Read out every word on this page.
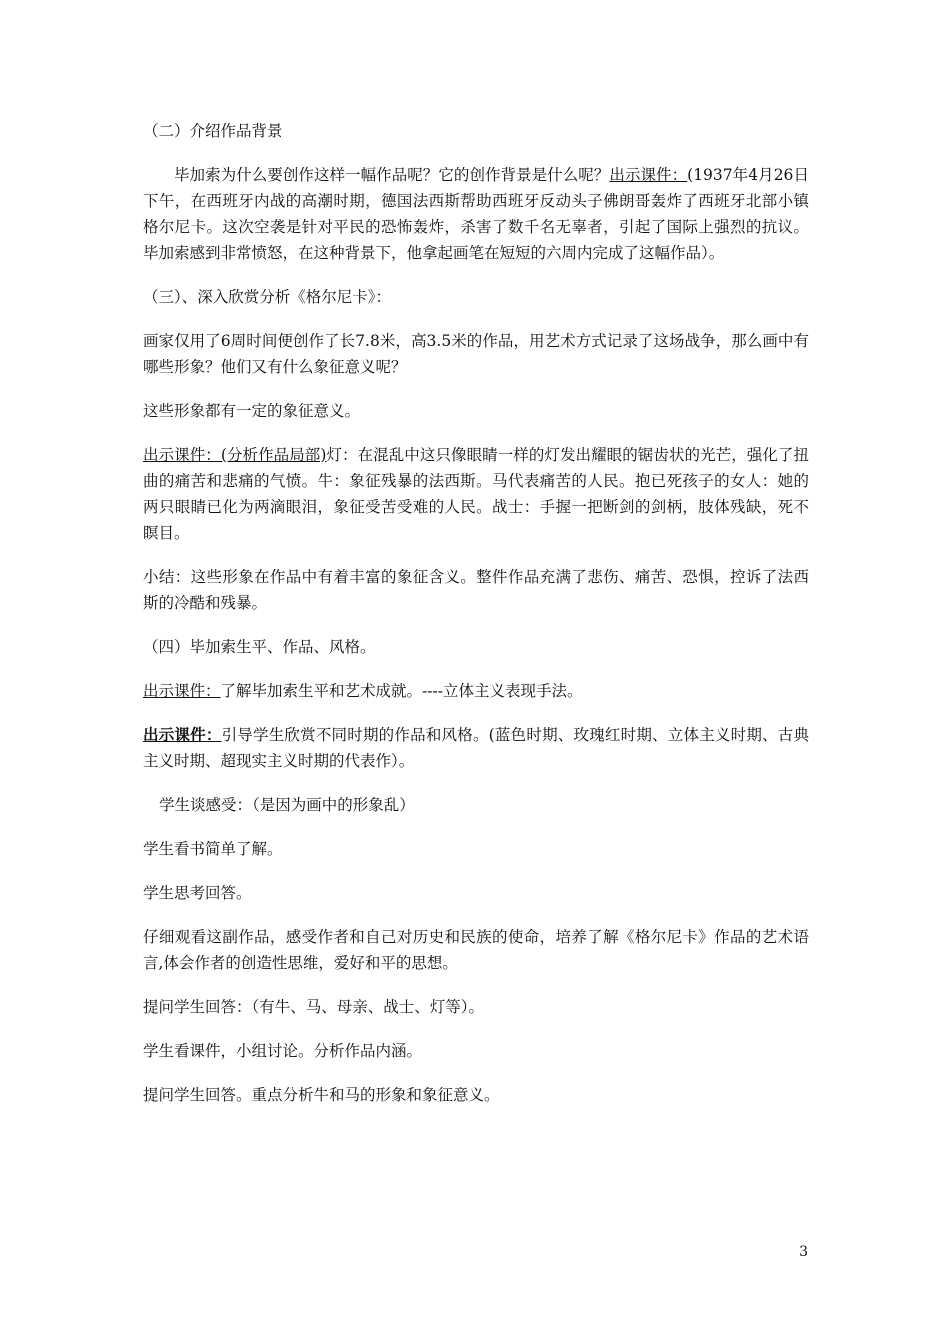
（二）介绍作品背景

毕加索为什么要创作这样一幅作品呢？它的创作背景是什么呢？出示课件：(1937年4月26日下午，在西班牙内战的高潮时期，德国法西斯帮助西班牙反动头子佛朗哥轰炸了西班牙北部小镇格尔尼卡。这次空袭是针对平民的恐怖轰炸，杀害了数千名无辜者，引起了国际上强烈的抗议。毕加索感到非常愤怒，在这种背景下，他拿起画笔在短短的六周内完成了这幅作品）。

（三）、深入欣赏分析《格尔尼卡》：

画家仅用了6周时间便创作了长7.8米，高3.5米的作品，用艺术方式记录了这场战争，那么画中有哪些形象？他们又有什么象征意义呢？

这些形象都有一定的象征意义。

出示课件：(分析作品局部)灯：在混乱中这只像眼睛一样的灯发出耀眼的锯齿状的光芒，强化了扭曲的痛苦和悲痛的气愤。牛：象征残暴的法西斯。马代表痛苦的人民。抱已死孩子的女人：她的两只眼睛已化为两滴眼泪，象征受苦受难的人民。战士：手握一把断剑的剑柄，肢体残缺，死不瞑目。

小结：这些形象在作品中有着丰富的象征含义。整件作品充满了悲伤、痛苦、恐惧，控诉了法西斯的冷酷和残暴。

（四）毕加索生平、作品、风格。

出示课件：了解毕加索生平和艺术成就。----立体主义表现手法。

出示课件：引导学生欣赏不同时期的作品和风格。(蓝色时期、玫瑰红时期、立体主义时期、古典主义时期、超现实主义时期的代表作）。

学生谈感受：（是因为画中的形象乱）

学生看书简单了解。

学生思考回答。

仔细观看这副作品，感受作者和自己对历史和民族的使命，培养了解《格尔尼卡》作品的艺术语言,体会作者的创造性思维，爱好和平的思想。

提问学生回答：（有牛、马、母亲、战士、灯等）。

学生看课件，小组讨论。分析作品内涵。

提问学生回答。重点分析牛和马的形象和象征意义。

3
